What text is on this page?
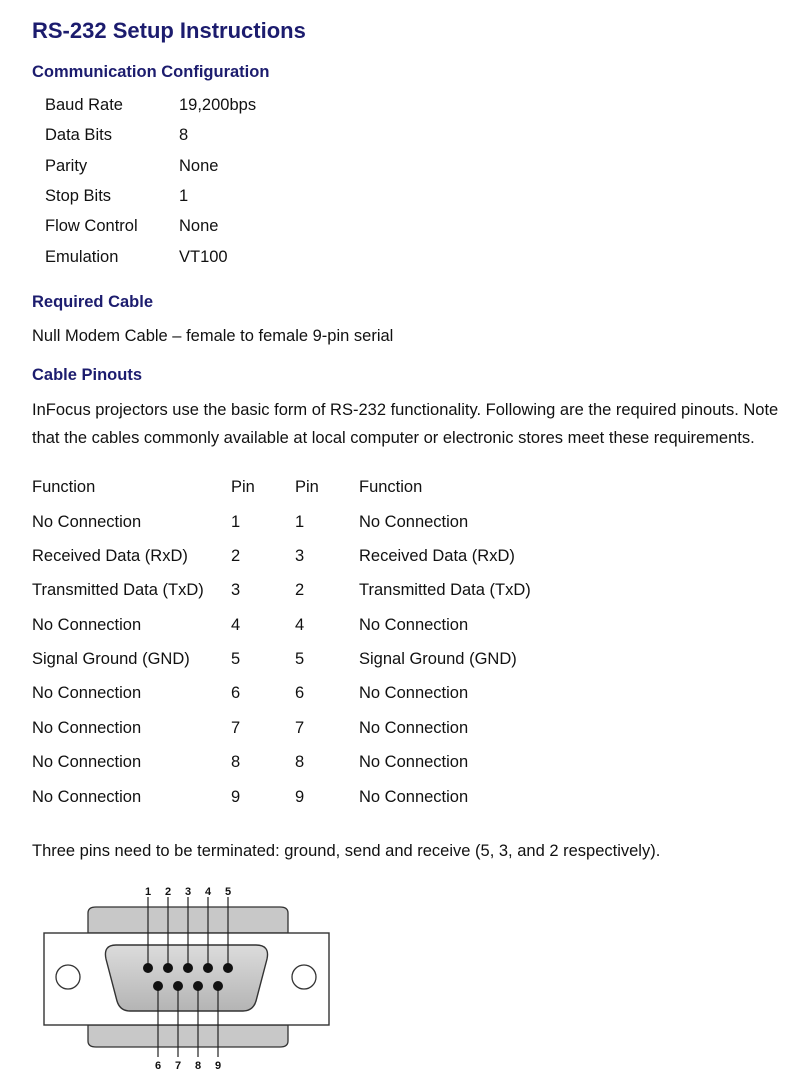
RS-232 Setup Instructions
Communication Configuration
Baud Rate	19,200bps
Data Bits	8
Parity	None
Stop Bits	1
Flow Control	None
Emulation	VT100
Required Cable
Null Modem Cable – female to female 9-pin serial
Cable Pinouts
InFocus projectors use the basic form of RS-232 functionality. Following are the required pinouts. Note that the cables commonly available at local computer or electronic stores meet these requirements.
Function	Pin Pin Function
No Connection	1	1	No Connection
Received Data (RxD)	2	3	Received Data (RxD)
Transmitted Data (TxD) 3	2	Transmitted Data (TxD)
No Connection	4	4	No Connection
Signal Ground (GND)	5	5	Signal Ground (GND)
No Connection	6	6	No Connection
No Connection	7	7	No Connection
No Connection	8	8	No Connection
No Connection	9	9	No Connection
Three pins need to be terminated: ground, send and receive (5, 3, and 2 respectively).
1 2 3 4 5
6 7 8 9
